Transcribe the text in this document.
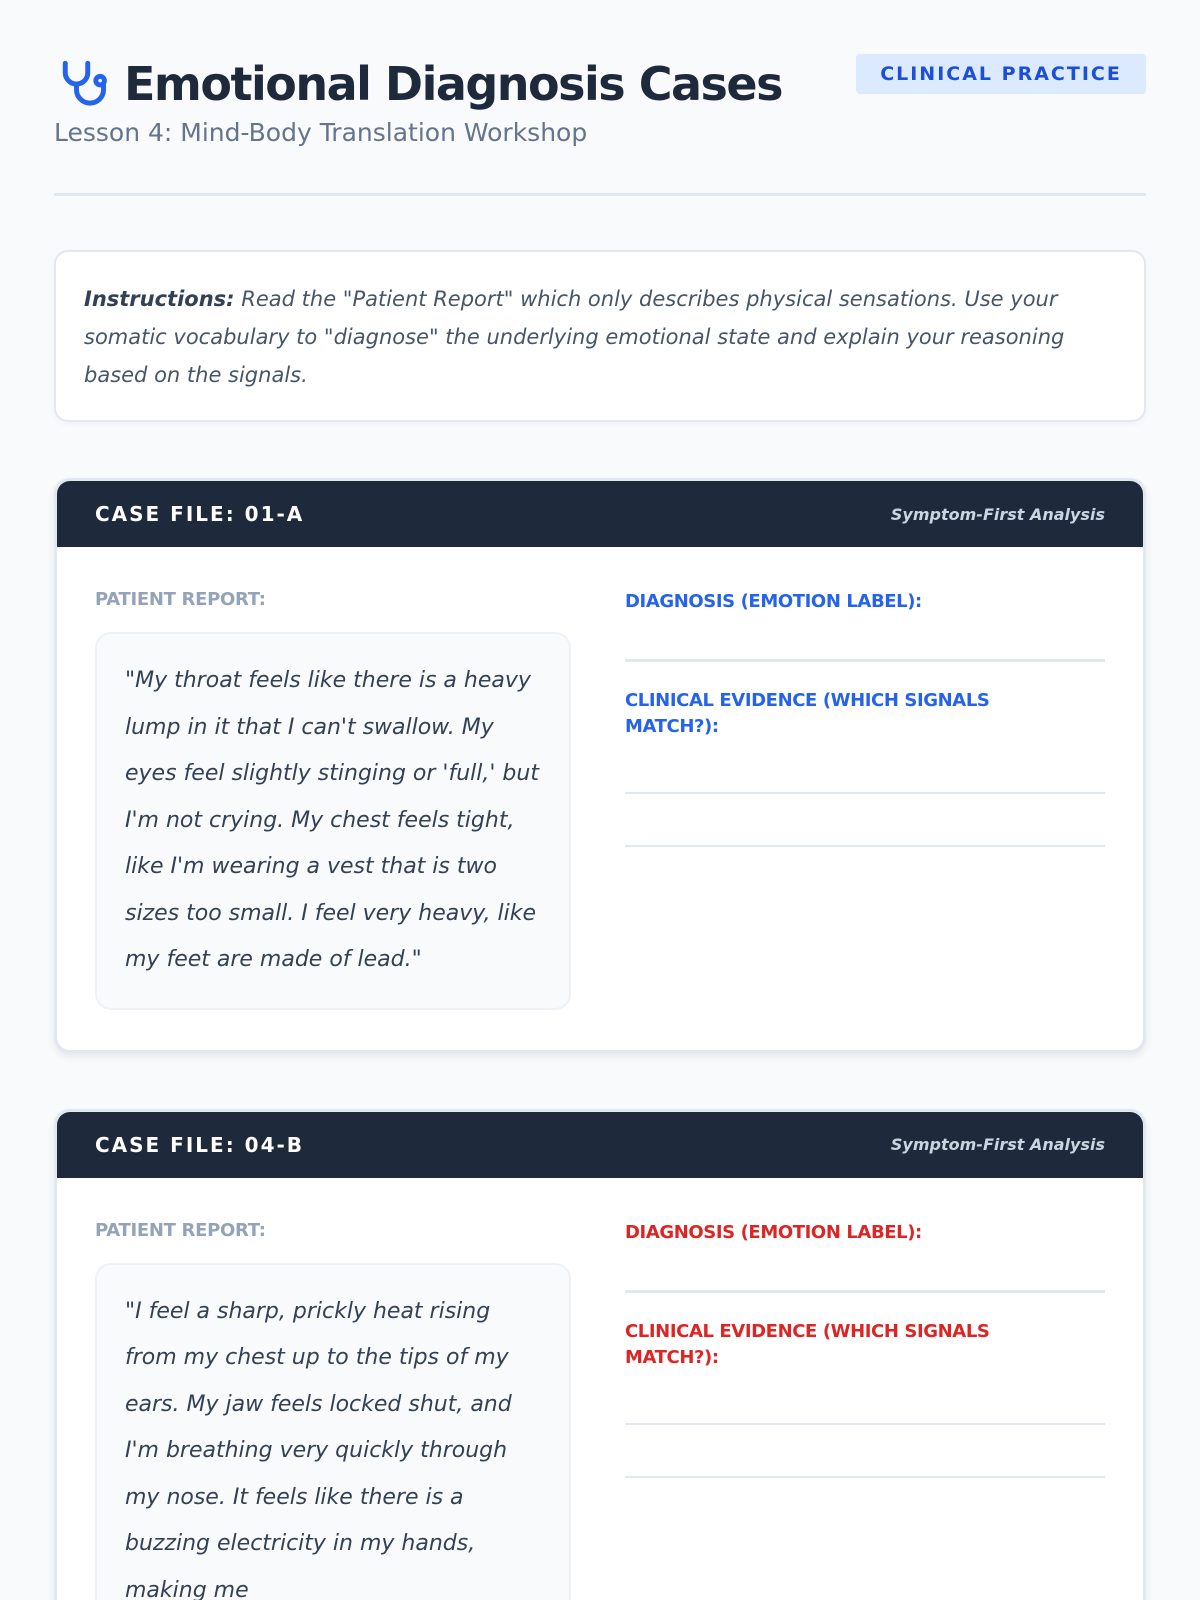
Emotional Diagnosis Cases
Lesson 4: Mind-Body Translation Workshop
CLINICAL PRACTICE
Instructions: Read the "Patient Report" which only describes physical sensations. Use your somatic vocabulary to "diagnose" the underlying emotional state and explain your reasoning based on the signals.
CASE FILE: 01-A	Symptom-First Analysis
PATIENT REPORT:
"My throat feels like there is a heavy lump in it that I can't swallow. My eyes feel slightly stinging or 'full,' but I'm not crying. My chest feels tight, like I'm wearing a vest that is two sizes too small. I feel very heavy, like my feet are made of lead."
DIAGNOSIS (EMOTION LABEL):
CLINICAL EVIDENCE (WHICH SIGNALS MATCH?):
CASE FILE: 04-B	Symptom-First Analysis
PATIENT REPORT:
"I feel a sharp, prickly heat rising from my chest up to the tips of my ears. My jaw feels locked shut, and I'm breathing very quickly through my nose. It feels like there is a buzzing electricity in my hands, making me
DIAGNOSIS (EMOTION LABEL):
CLINICAL EVIDENCE (WHICH SIGNALS MATCH?):
